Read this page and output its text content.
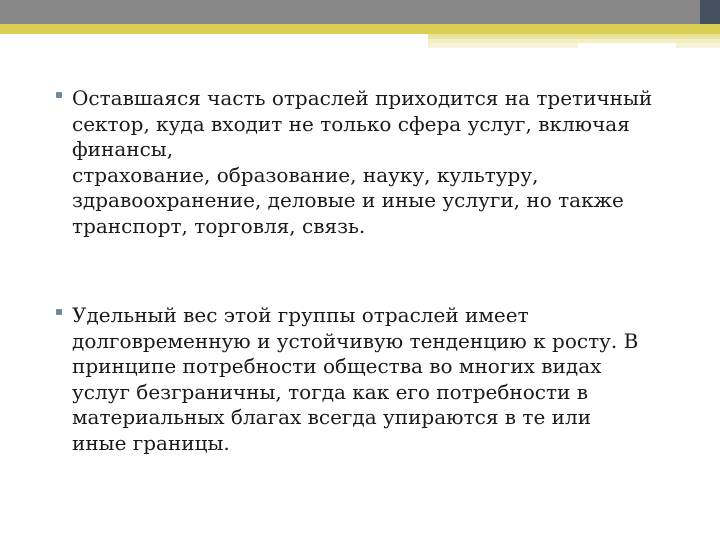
Оставшаяся часть отраслей приходится на третичный
сектор, куда входит не только сфера услуг, включая
финансы,
страхование, образование, науку, культуру,
здравоохранение, деловые и иные услуги, но также
транспорт, торговля, связь.
Удельный вес этой группы отраслей имеет
долговременную и устойчивую тенденцию к росту. В
принципе потребности общества во многих видах
услуг безграничны, тогда как его потребности в
материальных благах всегда упираются в те или
иные границы.
